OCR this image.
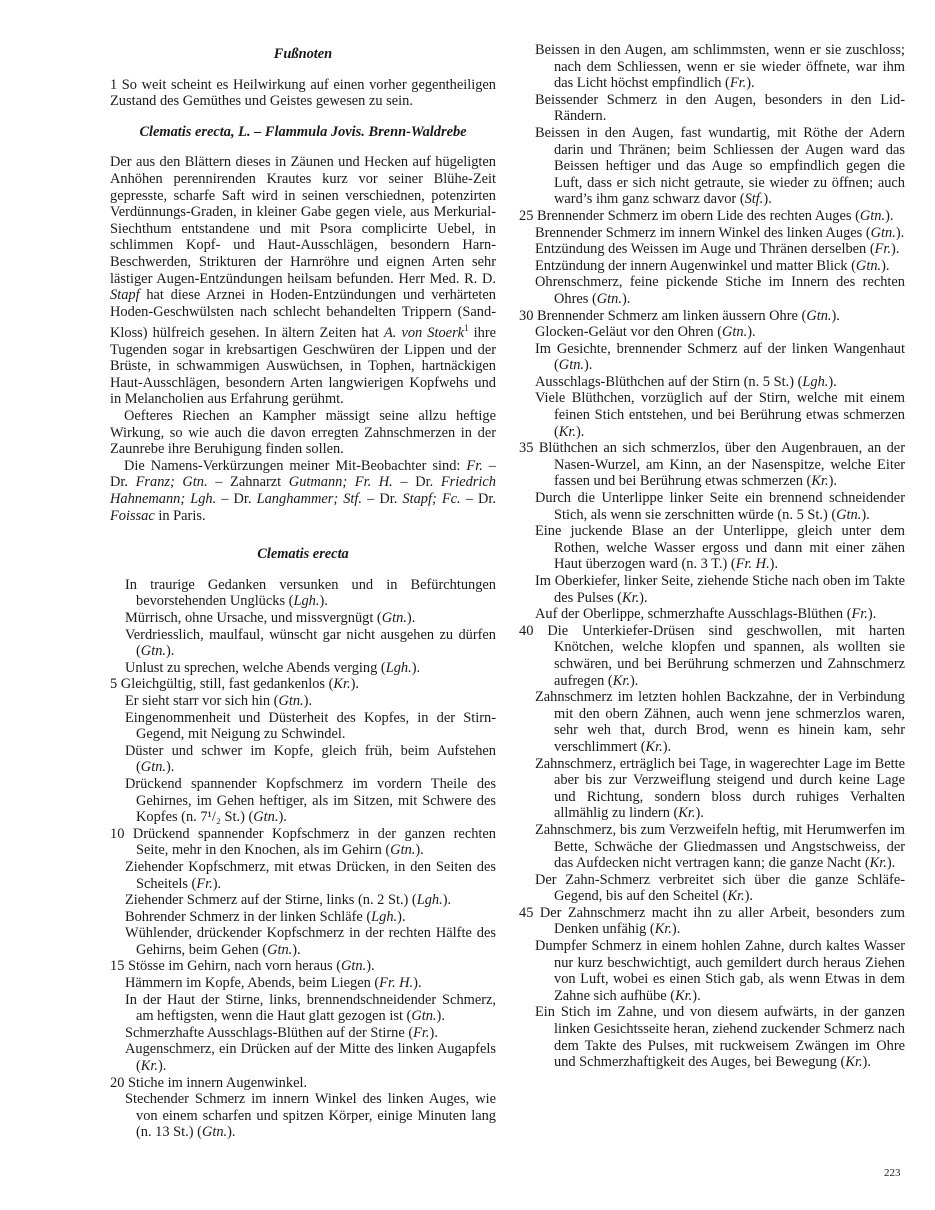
Fußnoten

1 So weit scheint es Heilwirkung auf einen vorher gegentheiligen Zustand des Gemüthes und Geistes gewesen zu sein.

Clematis erecta, L. – Flammula Jovis. Brenn-Waldrebe

Der aus den Blättern dieses in Zäunen und Hecken auf hügeligten Anhöhen perennirenden Krautes kurz vor seiner Blühe-Zeit gepresste, scharfe Saft wird in seinen verschiednen, potenzirten Verdünnungs-Graden, in kleiner Gabe gegen viele, aus Merkurial-Siechthum entstandene und mit Psora complicirte Uebel, in schlimmen Kopf- und Haut-Ausschlägen, besondern Harn-Beschwerden, Strikturen der Harnröhre und eignen Arten sehr lästiger Augen-Entzündungen heilsam befunden. Herr Med. R. D. Stapf hat diese Arznei in Hoden-Entzündungen und verhärteten Hoden-Geschwülsten nach schlecht behandelten Trippern (Sand-Kloss) hülfreich gesehen. In ältern Zeiten hat A. von Stoerk$^1$ ihre Tugenden sogar in krebsartigen Geschwüren der Lippen und der Brüste, in schwammigen Auswüchsen, in Tophen, hartnäckigen Haut-Ausschlägen, besondern Arten langwierigen Kopfwehs und in Melancholien aus Erfahrung gerühmt.

Oefteres Riechen an Kampher mässigt seine allzu heftige Wirkung, so wie auch die davon erregten Zahnschmerzen in der Zaunrebe ihre Beruhigung finden sollen.

Die Namens-Verkürzungen meiner Mit-Beobachter sind: Fr. – Dr. Franz; Gtn. – Zahnarzt Gutmann; Fr. H. – Dr. Friedrich Hahnemann; Lgh. – Dr. Langhammer; Stf. – Dr. Stapf; Fc. – Dr. Foissac in Paris.

Clematis erecta

In traurige Gedanken versunken und in Befürchtungen bevorstehenden Unglücks (Lgh.).

Mürrisch, ohne Ursache, und missvergnügt (Gtn.).

Verdriesslich, maulfaul, wünscht gar nicht ausgehen zu dürfen (Gtn.).

Unlust zu sprechen, welche Abends verging (Lgh.).

5 Gleichgültig, still, fast gedankenlos (Kr.).

Er sieht starr vor sich hin (Gtn.).

Eingenommenheit und Düsterheit des Kopfes, in der Stirn-Gegend, mit Neigung zu Schwindel.

Düster und schwer im Kopfe, gleich früh, beim Aufstehen (Gtn.).

Drückend spannender Kopfschmerz im vordern Theile des Gehirnes, im Gehen heftiger, als im Sitzen, mit Schwere des Kopfes (n. 7¹/₂ St.) (Gtn.).

10 Drückend spannender Kopfschmerz in der ganzen rechten Seite, mehr in den Knochen, als im Gehirn (Gtn.).

Ziehender Kopfschmerz, mit etwas Drücken, in den Seiten des Scheitels (Fr.).

Ziehender Schmerz auf der Stirne, links (n. 2 St.) (Lgh.).

Bohrender Schmerz in der linken Schläfe (Lgh.).

Wühlender, drückender Kopfschmerz in der rechten Hälfte des Gehirns, beim Gehen (Gtn.).

15 Stösse im Gehirn, nach vorn heraus (Gtn.).

Hämmern im Kopfe, Abends, beim Liegen (Fr. H.).

In der Haut der Stirne, links, brennendschneidender Schmerz, am heftigsten, wenn die Haut glatt gezogen ist (Gtn.).

Schmerzhafte Ausschlags-Blüthen auf der Stirne (Fr.).

Augenschmerz, ein Drücken auf der Mitte des linken Augapfels (Kr.).

20 Stiche im innern Augenwinkel.

Stechender Schmerz im innern Winkel des linken Auges, wie von einem scharfen und spitzen Körper, einige Minuten lang (n. 13 St.) (Gtn.).

Beissen in den Augen, am schlimmsten, wenn er sie zuschloss; nach dem Schliessen, wenn er sie wieder öffnete, war ihm das Licht höchst empfindlich (Fr.).

Beissender Schmerz in den Augen, besonders in den Lid-Rändern.

Beissen in den Augen, fast wundartig, mit Röthe der Adern darin und Thränen; beim Schliessen der Augen ward das Beissen heftiger und das Auge so empfindlich gegen die Luft, dass er sich nicht getraute, sie wieder zu öffnen; auch ward’s ihm ganz schwarz davor (Stf.).

25 Brennender Schmerz im obern Lide des rechten Auges (Gtn.).

Brennender Schmerz im innern Winkel des linken Auges (Gtn.).

Entzündung des Weissen im Auge und Thränen derselben (Fr.).

Entzündung der innern Augenwinkel und matter Blick (Gtn.).

Ohrenschmerz, feine pickende Stiche im Innern des rechten Ohres (Gtn.).

30 Brennender Schmerz am linken äussern Ohre (Gtn.).

Glocken-Geläut vor den Ohren (Gtn.).

Im Gesichte, brennender Schmerz auf der linken Wangenhaut (Gtn.).

Ausschlags-Blüthchen auf der Stirn (n. 5 St.) (Lgh.).

Viele Blüthchen, vorzüglich auf der Stirn, welche mit einem feinen Stich entstehen, und bei Berührung etwas schmerzen (Kr.).

35 Blüthchen an sich schmerzlos, über den Augenbrauen, an der Nasen-Wurzel, am Kinn, an der Nasenspitze, welche Eiter fassen und bei Berührung etwas schmerzen (Kr.).

Durch die Unterlippe linker Seite ein brennend schneidender Stich, als wenn sie zerschnitten würde (n. 5 St.) (Gtn.).

Eine juckende Blase an der Unterlippe, gleich unter dem Rothen, welche Wasser ergoss und dann mit einer zähen Haut überzogen ward (n. 3 T.) (Fr. H.).

Im Oberkiefer, linker Seite, ziehende Stiche nach oben im Takte des Pulses (Kr.).

Auf der Oberlippe, schmerzhafte Ausschlags-Blüthen (Fr.).

40 Die Unterkiefer-Drüsen sind geschwollen, mit harten Knötchen, welche klopfen und spannen, als wollten sie schwären, und bei Berührung schmerzen und Zahnschmerz aufregen (Kr.).

Zahnschmerz im letzten hohlen Backzahne, der in Verbindung mit den obern Zähnen, auch wenn jene schmerzlos waren, sehr weh that, durch Brod, wenn es hinein kam, sehr verschlimmert (Kr.).

Zahnschmerz, erträglich bei Tage, in wagerechter Lage im Bette aber bis zur Verzweiflung steigend und durch keine Lage und Richtung, sondern bloss durch ruhiges Verhalten allmählig zu lindern (Kr.).

Zahnschmerz, bis zum Verzweifeln heftig, mit Herumwerfen im Bette, Schwäche der Gliedmassen und Angstschweiss, der das Aufdecken nicht vertragen kann; die ganze Nacht (Kr.).

Der Zahn-Schmerz verbreitet sich über die ganze Schläfe-Gegend, bis auf den Scheitel (Kr.).

45 Der Zahnschmerz macht ihn zu aller Arbeit, besonders zum Denken unfähig (Kr.).

Dumpfer Schmerz in einem hohlen Zahne, durch kaltes Wasser nur kurz beschwichtigt, auch gemildert durch heraus Ziehen von Luft, wobei es einen Stich gab, als wenn Etwas in dem Zahne sich aufhübe (Kr.).

Ein Stich im Zahne, und von diesem aufwärts, in der ganzen linken Gesichtsseite heran, ziehend zuckender Schmerz nach dem Takte des Pulses, mit ruckweisem Zwängen im Ohre und Schmerzhaftigkeit des Auges, bei Bewegung (Kr.).

223
